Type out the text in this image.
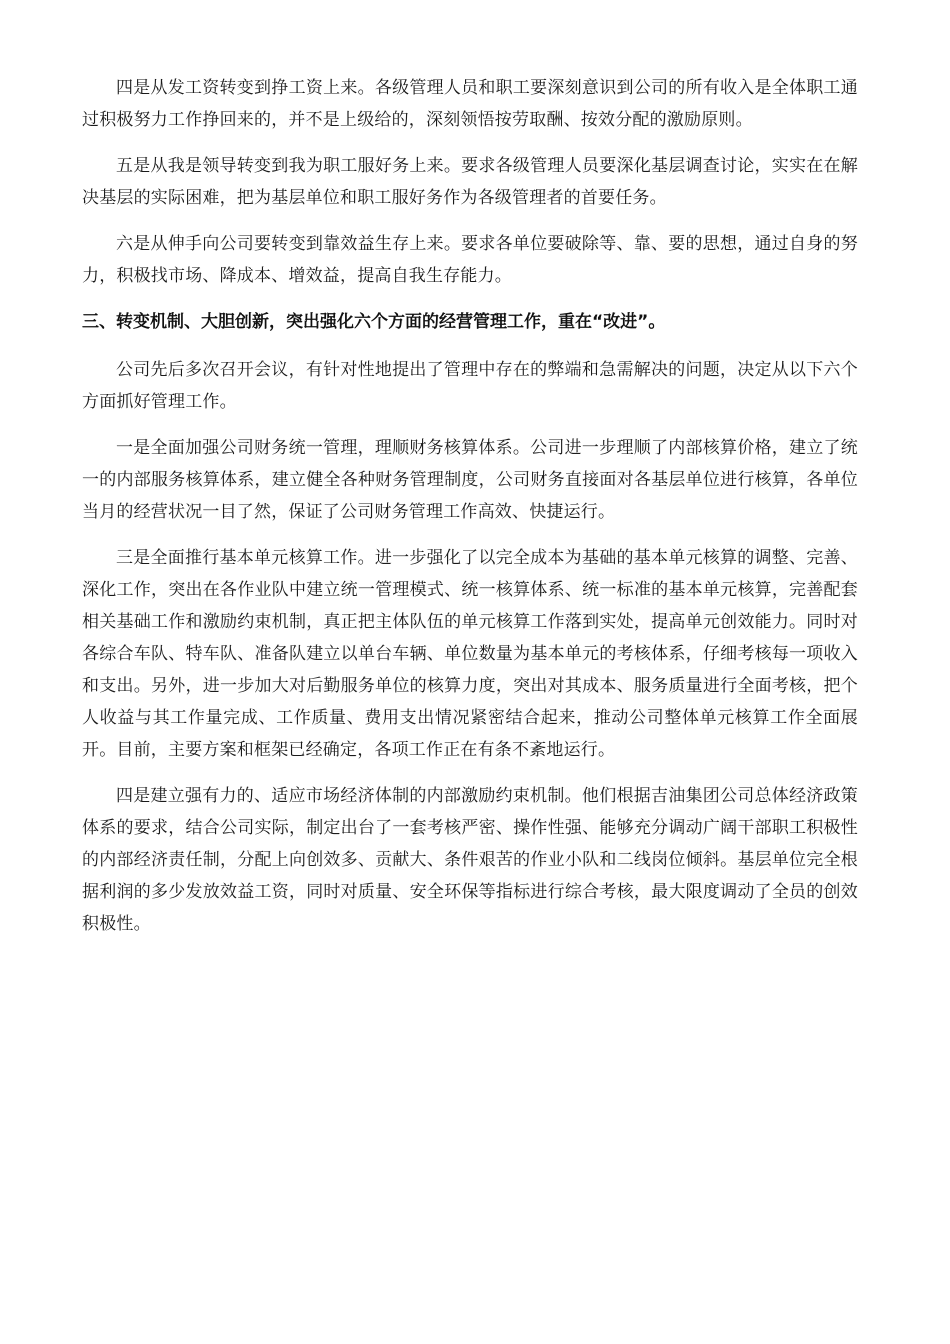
四是从发工资转变到挣工资上来。各级管理人员和职工要深刻意识到公司的所有收入是全体职工通过积极努力工作挣回来的，并不是上级给的，深刻领悟按劳取酬、按效分配的激励原则。

五是从我是领导转变到我为职工服好务上来。要求各级管理人员要深化基层调查讨论，实实在在解决基层的实际困难，把为基层单位和职工服好务作为各级管理者的首要任务。

六是从伸手向公司要转变到靠效益生存上来。要求各单位要破除等、靠、要的思想，通过自身的努力，积极找市场、降成本、增效益，提高自我生存能力。

三、转变机制、大胆创新，突出强化六个方面的经营管理工作，重在“改进”。

公司先后多次召开会议，有针对性地提出了管理中存在的弊端和急需解决的问题，决定从以下六个方面抓好管理工作。

一是全面加强公司财务统一管理，理顺财务核算体系。公司进一步理顺了内部核算价格，建立了统一的内部服务核算体系，建立健全各种财务管理制度，公司财务直接面对各基层单位进行核算，各单位当月的经营状况一目了然，保证了公司财务管理工作高效、快捷运行。

三是全面推行基本单元核算工作。进一步强化了以完全成本为基础的基本单元核算的调整、完善、深化工作，突出在各作业队中建立统一管理模式、统一核算体系、统一标准的基本单元核算，完善配套相关基础工作和激励约束机制，真正把主体队伍的单元核算工作落到实处，提高单元创效能力。同时对各综合车队、特车队、准备队建立以单台车辆、单位数量为基本单元的考核体系，仔细考核每一项收入和支出。另外，进一步加大对后勤服务单位的核算力度，突出对其成本、服务质量进行全面考核，把个人收益与其工作量完成、工作质量、费用支出情况紧密结合起来，推动公司整体单元核算工作全面展开。目前，主要方案和框架已经确定，各项工作正在有条不紊地运行。

四是建立强有力的、适应市场经济体制的内部激励约束机制。他们根据吉油集团公司总体经济政策体系的要求，结合公司实际，制定出台了一套考核严密、操作性强、能够充分调动广阔干部职工积极性的内部经济责任制，分配上向创效多、贡献大、条件艰苦的作业小队和二线岗位倾斜。基层单位完全根据利润的多少发放效益工资，同时对质量、安全环保等指标进行综合考核，最大限度调动了全员的创效积极性。
